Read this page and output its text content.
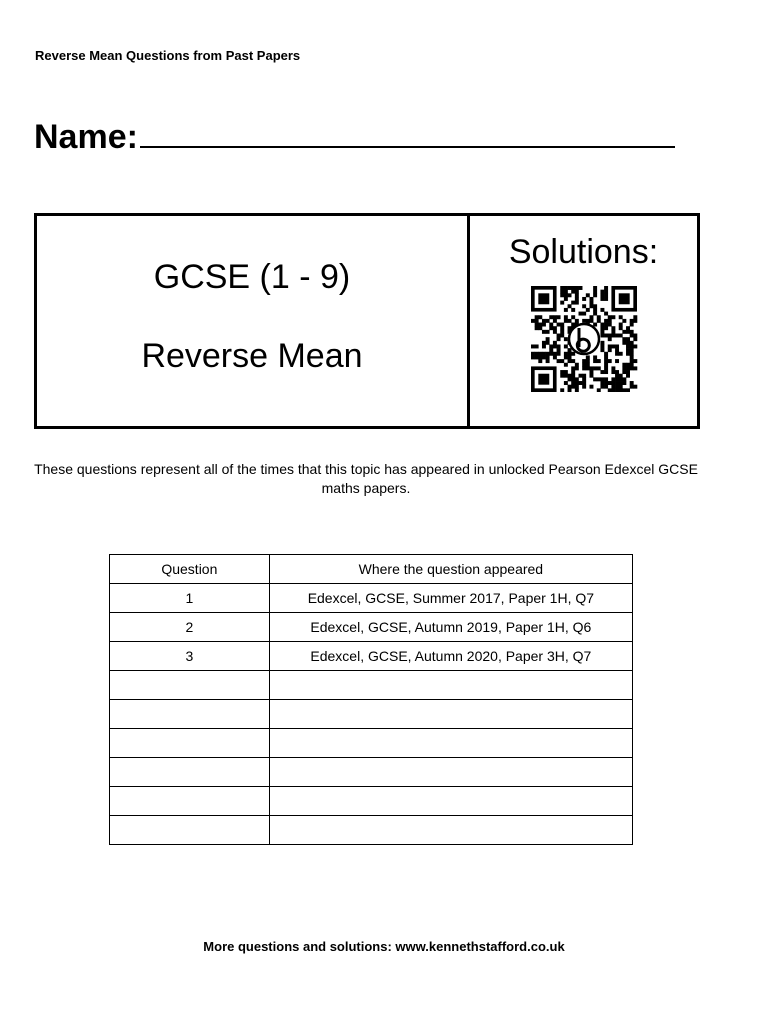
Reverse Mean Questions from Past Papers
Name:
GCSE (1 - 9)
Reverse Mean
Solutions:
These questions represent all of the times that this topic has appeared in unlocked Pearson Edexcel GCSE maths papers.
Question	Where the question appeared
1	Edexcel, GCSE, Summer 2017, Paper 1H, Q7
2	Edexcel, GCSE, Autumn 2019, Paper 1H, Q6
3	Edexcel, GCSE, Autumn 2020, Paper 3H, Q7

More questions and solutions: www.kennethstafford.co.uk
